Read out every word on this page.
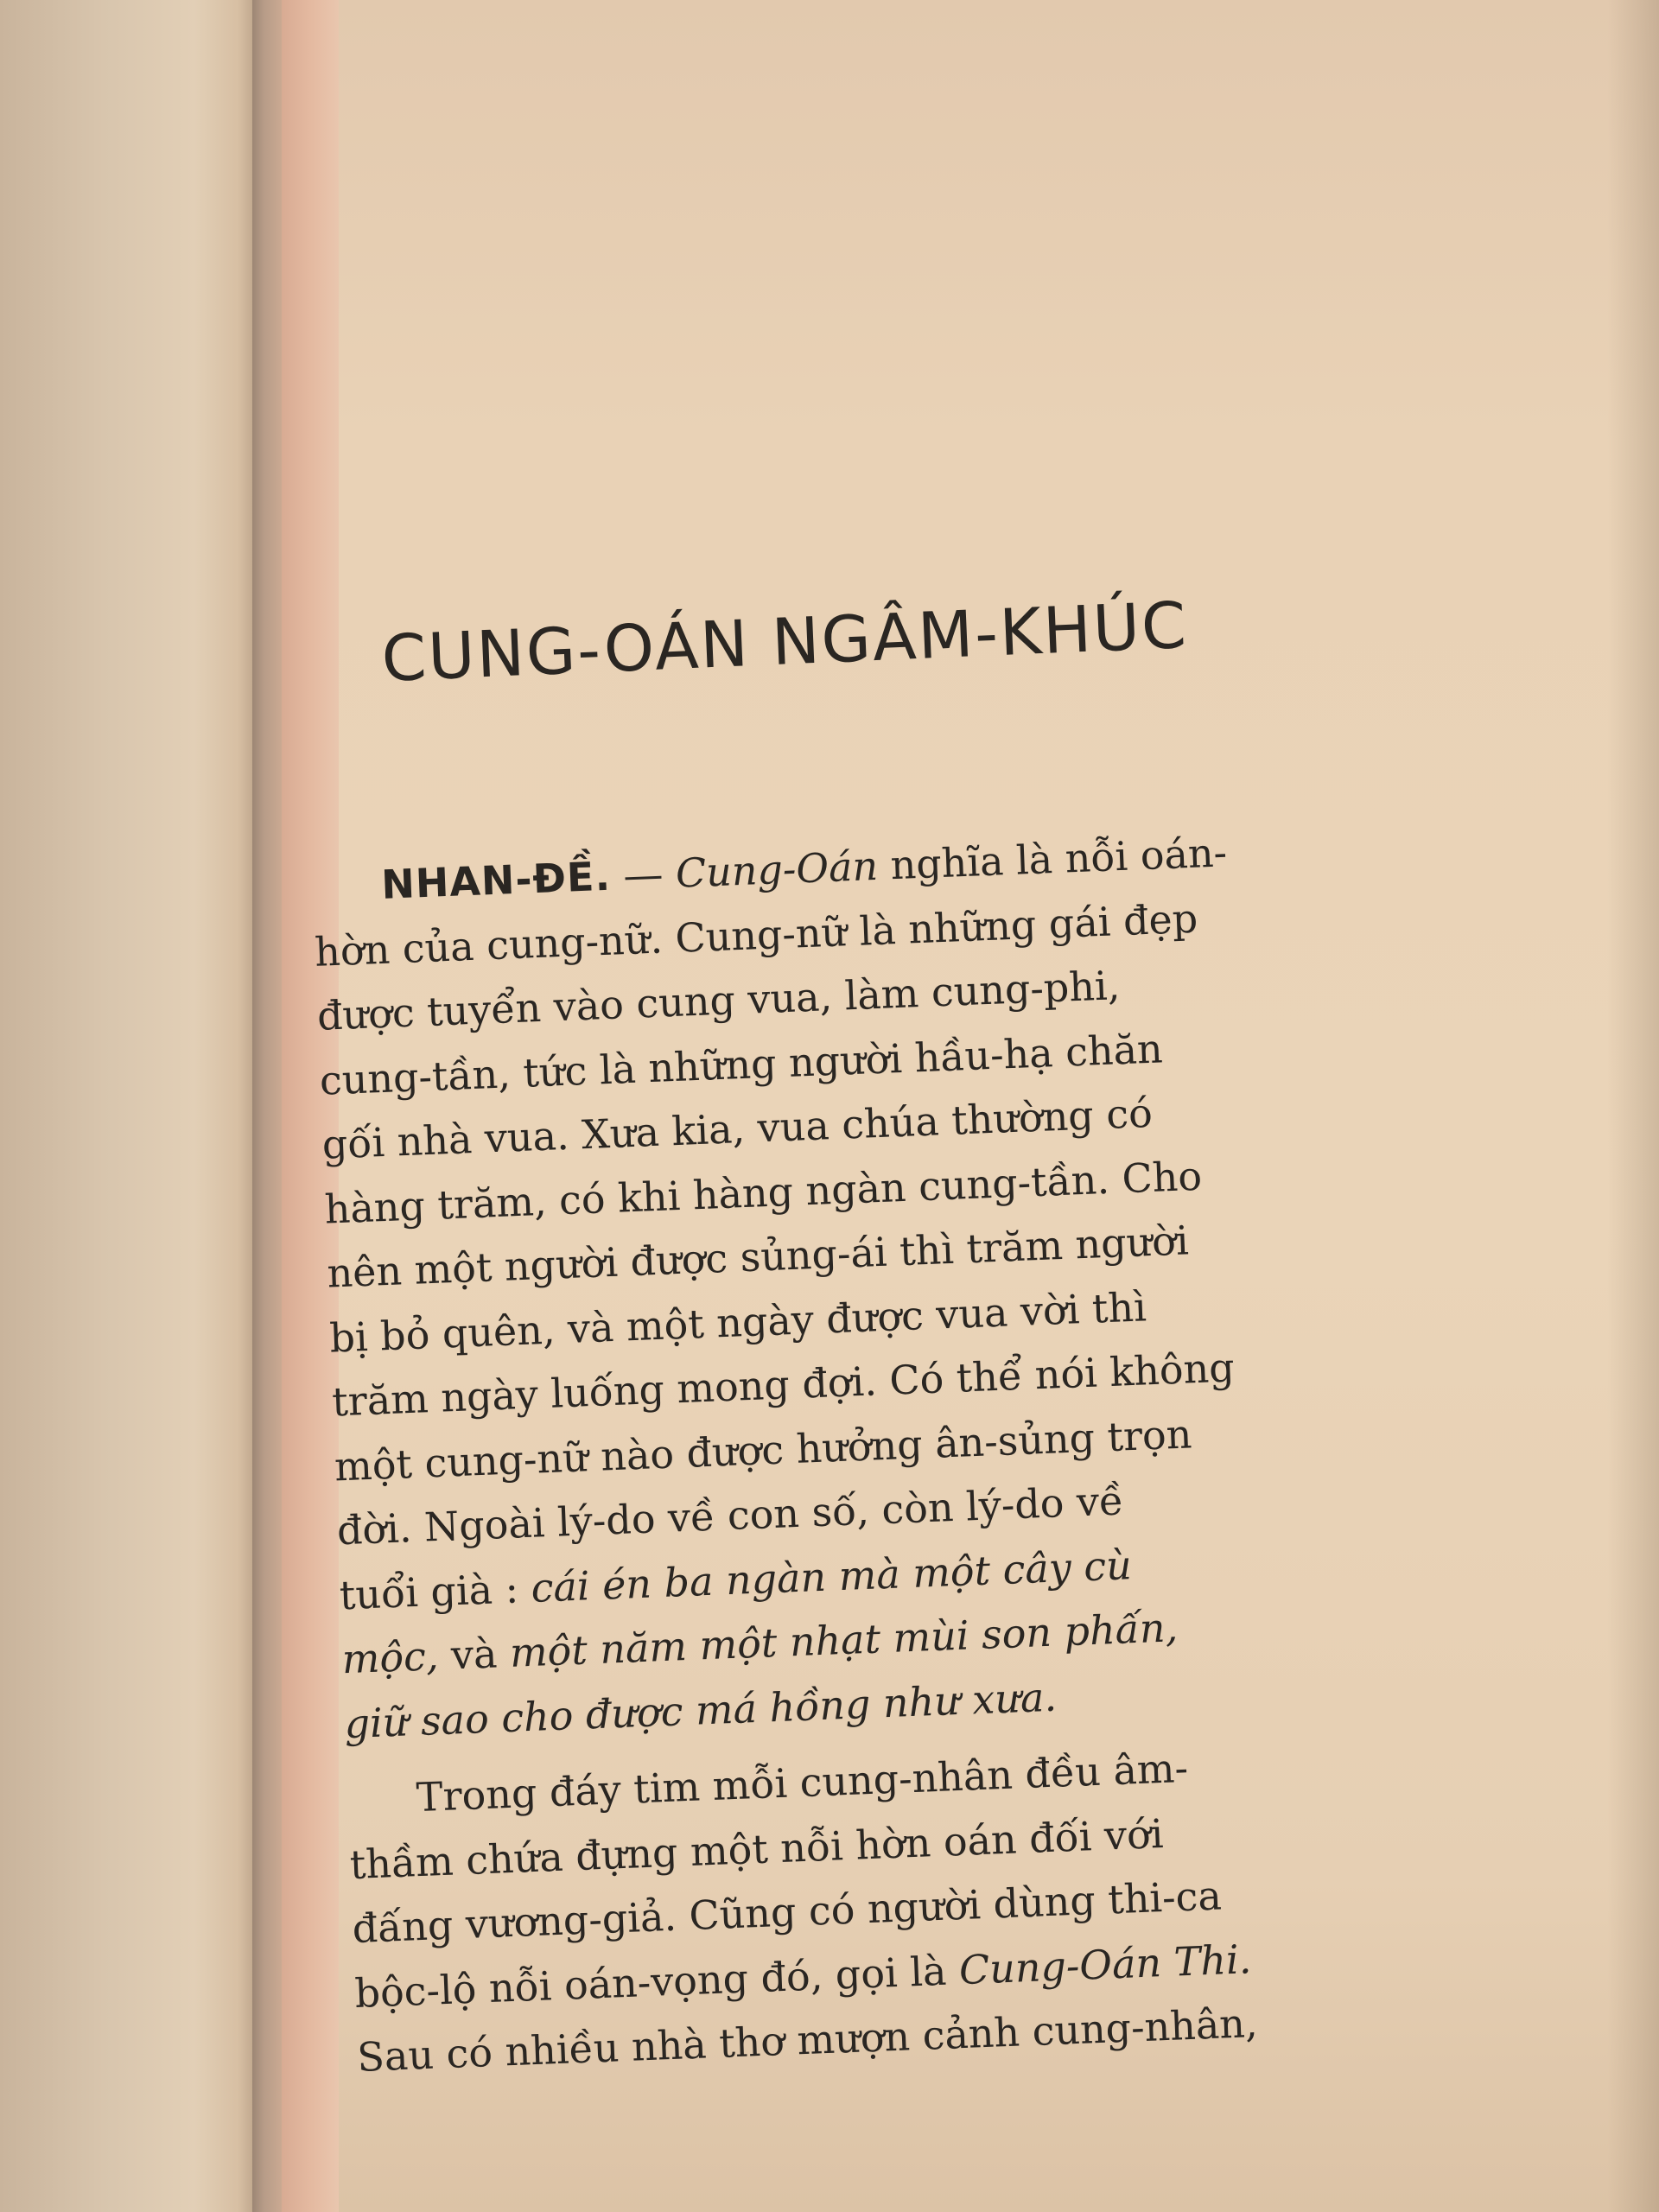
CUNG-OÁN NGÂM-KHÚC
NHAN-ĐỀ. — Cung-Oán nghĩa là nỗi oán-
hờn của cung-nữ. Cung-nữ là những gái đẹp
được tuyển vào cung vua, làm cung-phi,
cung-tần, tức là những người hầu-hạ chăn
gối nhà vua. Xưa kia, vua chúa thường có
hàng trăm, có khi hàng ngàn cung-tần. Cho
nên một người được sủng-ái thì trăm người
bị bỏ quên, và một ngày được vua vời thì
trăm ngày luống mong đợi. Có thể nói không
một cung-nữ nào được hưởng ân-sủng trọn
đời. Ngoài lý-do về con số, còn lý-do về
tuổi già : cái én ba ngàn mà một cây cù
mộc, và một năm một nhạt mùi son phấn,
giữ sao cho được má hồng như xưa.
Trong đáy tim mỗi cung-nhân đều âm-
thầm chứa đựng một nỗi hờn oán đối với
đấng vương-giả. Cũng có người dùng thi-ca
bộc-lộ nỗi oán-vọng đó, gọi là Cung-Oán Thi.
Sau có nhiều nhà thơ mượn cảnh cung-nhân,
